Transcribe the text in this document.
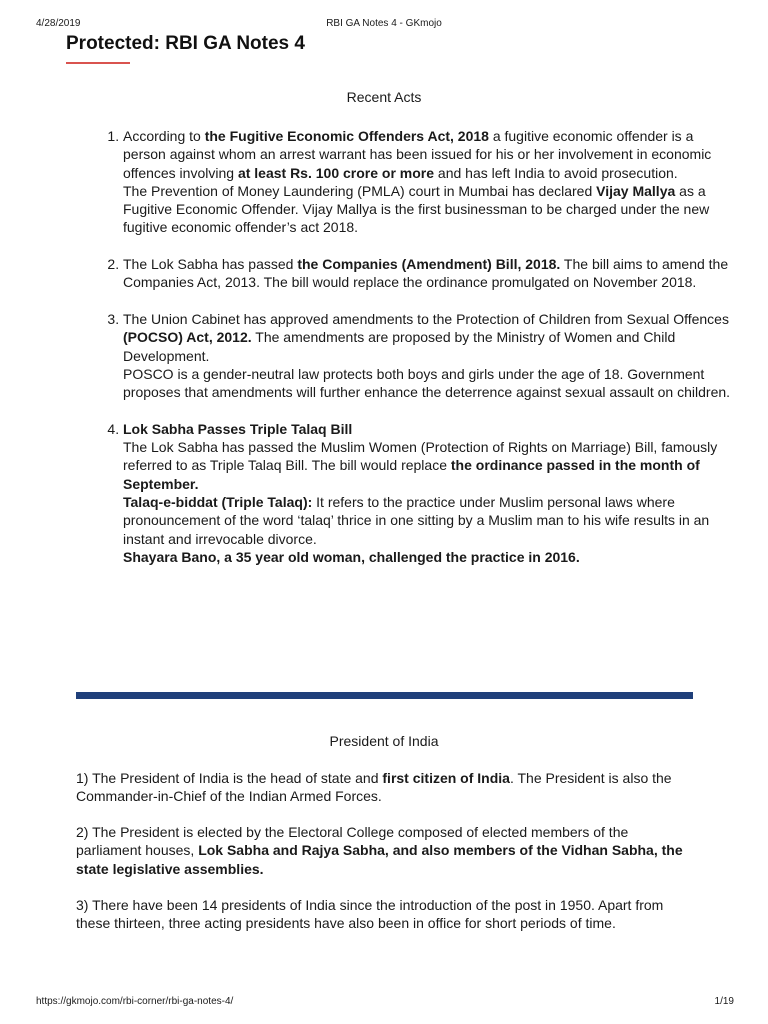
4/28/2019	RBI GA Notes 4 - GKmojo
Protected: RBI GA Notes 4
Recent Acts
1. According to the Fugitive Economic Offenders Act, 2018 a fugitive economic offender is a person against whom an arrest warrant has been issued for his or her involvement in economic offences involving at least Rs. 100 crore or more and has left India to avoid prosecution.
The Prevention of Money Laundering (PMLA) court in Mumbai has declared Vijay Mallya as a Fugitive Economic Offender. Vijay Mallya is the first businessman to be charged under the new fugitive economic offender’s act 2018.
2. The Lok Sabha has passed the Companies (Amendment) Bill, 2018. The bill aims to amend the Companies Act, 2013. The bill would replace the ordinance promulgated on November 2018.
3. The Union Cabinet has approved amendments to the Protection of Children from Sexual Offences (POCSO) Act, 2012. The amendments are proposed by the Ministry of Women and Child Development.
POSCO is a gender-neutral law protects both boys and girls under the age of 18. Government proposes that amendments will further enhance the deterrence against sexual assault on children.
4. Lok Sabha Passes Triple Talaq Bill
The Lok Sabha has passed the Muslim Women (Protection of Rights on Marriage) Bill, famously referred to as Triple Talaq Bill. The bill would replace the ordinance passed in the month of September.
Talaq-e-biddat (Triple Talaq): It refers to the practice under Muslim personal laws where pronouncement of the word ‘talaq’ thrice in one sitting by a Muslim man to his wife results in an instant and irrevocable divorce.
Shayara Bano, a 35 year old woman, challenged the practice in 2016.
President of India

1) The President of India is the head of state and first citizen of India. The President is also the Commander-in-Chief of the Indian Armed Forces.

2) The President is elected by the Electoral College composed of elected members of the parliament houses, Lok Sabha and Rajya Sabha, and also members of the Vidhan Sabha, the state legislative assemblies.

3) There have been 14 presidents of India since the introduction of the post in 1950. Apart from these thirteen, three acting presidents have also been in office for short periods of time.

https://gkmojo.com/rbi-corner/rbi-ga-notes-4/	1/19
